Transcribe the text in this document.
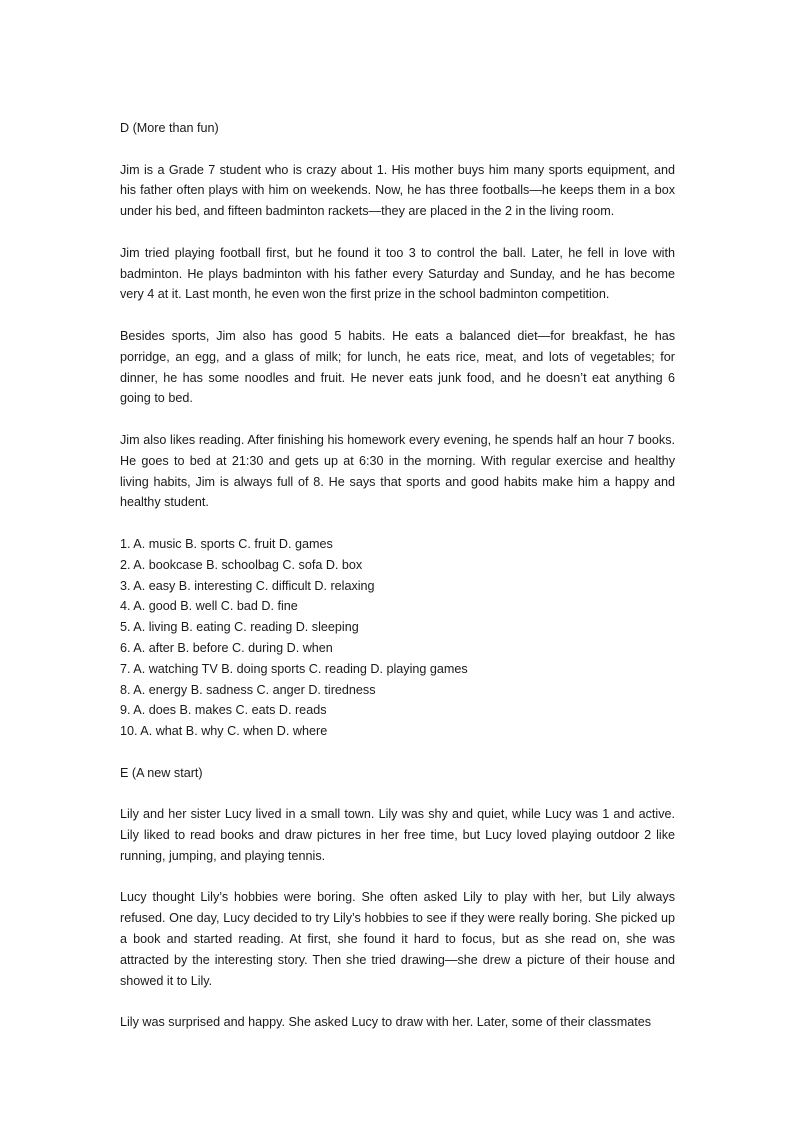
D (More than fun)

Jim is a Grade 7 student who is crazy about 1. His mother buys him many sports equipment, and his father often plays with him on weekends. Now, he has three footballs—he keeps them in a box under his bed, and fifteen badminton rackets—they are placed in the 2 in the living room.

Jim tried playing football first, but he found it too 3 to control the ball. Later, he fell in love with badminton. He plays badminton with his father every Saturday and Sunday, and he has become very 4 at it. Last month, he even won the first prize in the school badminton competition.

Besides sports, Jim also has good 5 habits. He eats a balanced diet—for breakfast, he has porridge, an egg, and a glass of milk; for lunch, he eats rice, meat, and lots of vegetables; for dinner, he has some noodles and fruit. He never eats junk food, and he doesn’t eat anything 6 going to bed.

Jim also likes reading. After finishing his homework every evening, he spends half an hour 7 books. He goes to bed at 21:30 and gets up at 6:30 in the morning. With regular exercise and healthy living habits, Jim is always full of 8. He says that sports and good habits make him a happy and healthy student.

1. A. music B. sports C. fruit D. games
2. A. bookcase B. schoolbag C. sofa D. box
3. A. easy B. interesting C. difficult D. relaxing
4. A. good B. well C. bad D. fine
5. A. living B. eating C. reading D. sleeping
6. A. after B. before C. during D. when
7. A. watching TV B. doing sports C. reading D. playing games
8. A. energy B. sadness C. anger D. tiredness
9. A. does B. makes C. eats D. reads
10. A. what B. why C. when D. where
E (A new start)

Lily and her sister Lucy lived in a small town. Lily was shy and quiet, while Lucy was 1 and active. Lily liked to read books and draw pictures in her free time, but Lucy loved playing outdoor 2 like running, jumping, and playing tennis.

Lucy thought Lily’s hobbies were boring. She often asked Lily to play with her, but Lily always refused. One day, Lucy decided to try Lily’s hobbies to see if they were really boring. She picked up a book and started reading. At first, she found it hard to focus, but as she read on, she was attracted by the interesting story. Then she tried drawing—she drew a picture of their house and showed it to Lily.

Lily was surprised and happy. She asked Lucy to draw with her. Later, some of their classmates
